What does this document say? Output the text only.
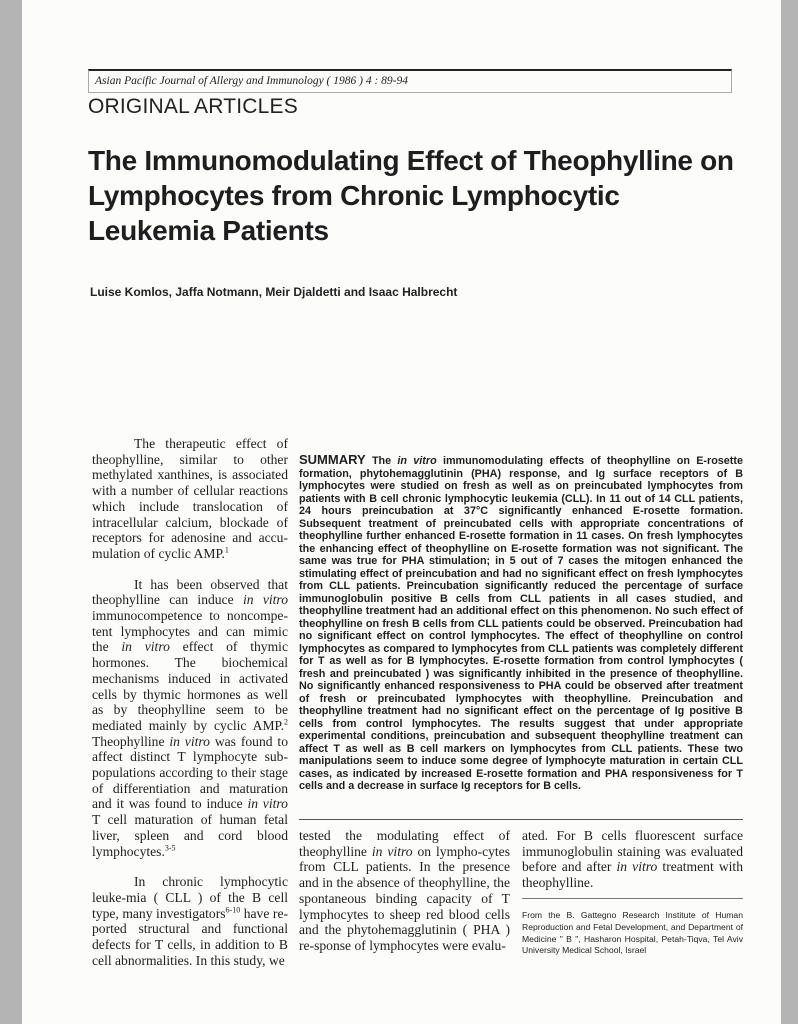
Asian Pacific Journal of Allergy and Immunology ( 1986 ) 4 : 89-94
ORIGINAL ARTICLES
The Immunomodulating Effect of Theophylline on Lymphocytes from Chronic Lymphocytic Leukemia Patients
Luise Komlos, Jaffa Notmann, Meir Djaldetti and Isaac Halbrecht

The therapeutic effect of theophylline, similar to other methylated xanthines, is associated with a number of cellular reactions which include translocation of intracellular calcium, blockade of receptors for adenosine and accu-mulation of cyclic AMP.$^1$

It has been observed that theophylline can induce in vitro immunocompetence to noncompe-tent lymphocytes and can mimic the in vitro effect of thymic hormones. The biochemical mechanisms induced in activated cells by thymic hormones as well as by theophylline seem to be mediated mainly by cyclic AMP.$^2$ Theophylline in vitro was found to affect distinct T lymphocyte sub-populations according to their stage of differentiation and maturation and it was found to induce in vitro T cell maturation of human fetal liver, spleen and cord blood lymphocytes.$^{3-5}$

In chronic lymphocytic leuke-mia ( CLL ) of the B cell type, many investigators$^{6-10}$ have re-ported structural and functional defects for T cells, in addition to B cell abnormalities. In this study, we

SUMMARY The in vitro immunomodulating effects of theophylline on E-rosette formation, phytohemagglutinin (PHA) response, and Ig surface receptors of B lymphocytes were studied on fresh as well as on preincubated lymphocytes from patients with B cell chronic lymphocytic leukemia (CLL). In 11 out of 14 CLL patients, 24 hours preincubation at 37°C significantly enhanced E-rosette formation. Subsequent treatment of preincubated cells with appropriate concentrations of theophylline further enhanced E-rosette formation in 11 cases. On fresh lymphocytes the enhancing effect of theophylline on E-rosette formation was not significant. The same was true for PHA stimulation; in 5 out of 7 cases the mitogen enhanced the stimulating effect of preincubation and had no significant effect on fresh lymphocytes from CLL patients. Preincubation significantly reduced the percentage of surface immunoglobulin positive B cells from CLL patients in all cases studied, and theophylline treatment had an additional effect on this phenomenon. No such effect of theophylline on fresh B cells from CLL patients could be observed. Preincubation had no significant effect on control lymphocytes. The effect of theophylline on control lymphocytes as compared to lymphocytes from CLL patients was completely different for T as well as for B lymphocytes. E-rosette formation from control lymphocytes ( fresh and preincubated ) was significantly inhibited in the presence of theophylline. No significantly enhanced responsiveness to PHA could be observed after treatment of fresh or preincubated lymphocytes with theophylline. Preincubation and theophylline treatment had no significant effect on the percentage of Ig positive B cells from control lymphocytes. The results suggest that under appropriate experimental conditions, preincubation and subsequent theophylline treatment can affect T as well as B cell markers on lymphocytes from CLL patients. These two manipulations seem to induce some degree of lymphocyte maturation in certain CLL cases, as indicated by increased E-rosette formation and PHA responsiveness for T cells and a decrease in surface Ig receptors for B cells.

tested the modulating effect of theophylline in vitro on lympho-cytes from CLL patients. In the presence and in the absence of theophylline, the spontaneous binding capacity of T lymphocytes to sheep red blood cells and the phytohemagglutinin ( PHA ) re-sponse of lymphocytes were evalu-

ated. For B cells fluorescent surface immunoglobulin staining was evaluated before and after in vitro treatment with theophylline.

From the B. Gattegno Research Institute of Human Reproduction and Fetal Development, and Department of Medicine " B ", Hasharon Hospital, Petah-Tiqva, Tel Aviv University Medical School, Israel
